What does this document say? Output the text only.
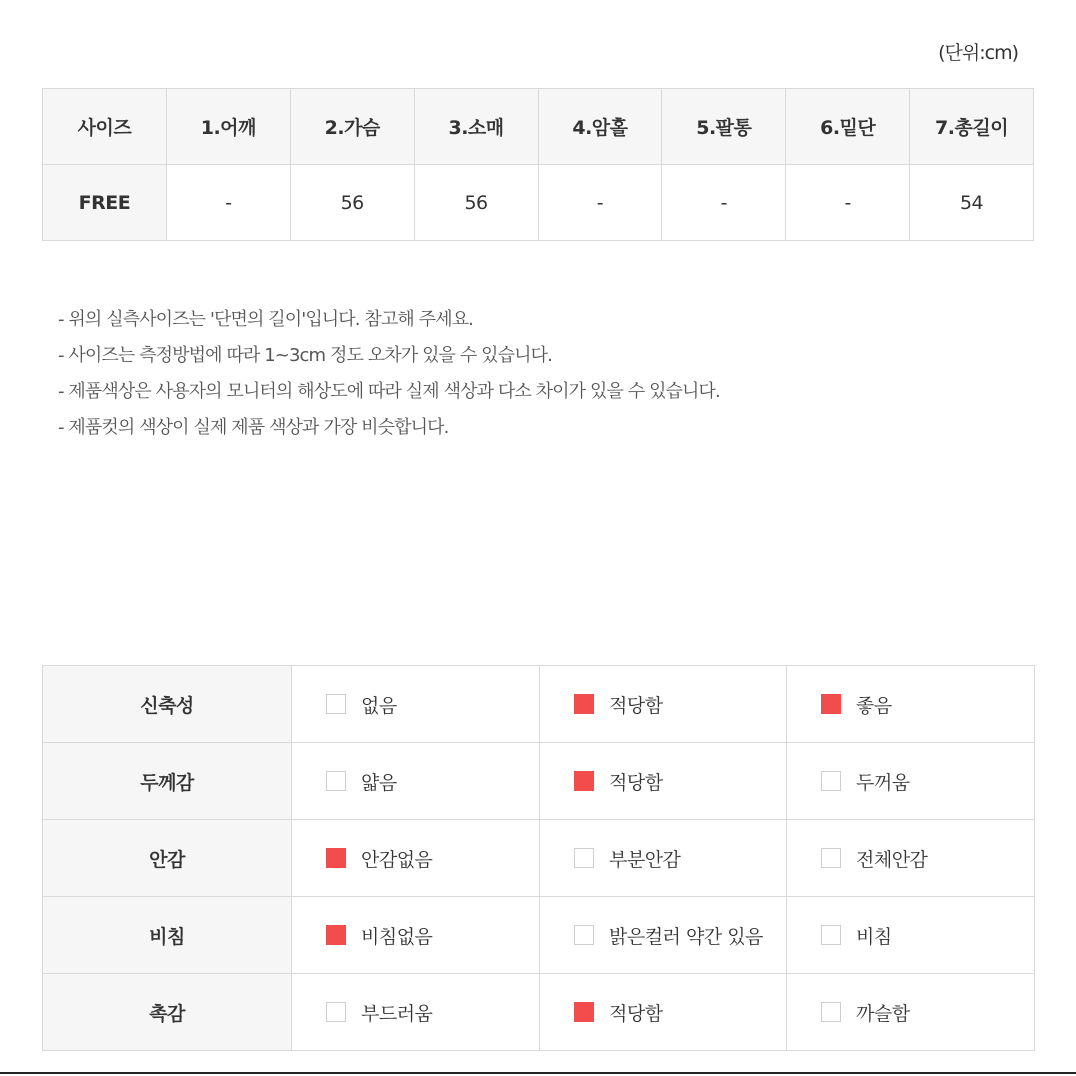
(단위:cm)
사이즈	1.어깨	2.가슴	3.소매	4.암홀	5.팔통	6.밑단	7.총길이
FREE	-	56	56	-	-	-	54
- 위의 실측사이즈는 '단면의 길이'입니다. 참고해 주세요.
- 사이즈는 측정방법에 따라 1~3cm 정도 오차가 있을 수 있습니다.
- 제품색상은 사용자의 모니터의 해상도에 따라 실제 색상과 다소 차이가 있을 수 있습니다.
- 제품컷의 색상이 실제 제품 색상과 가장 비슷합니다.
신축성	없음	적당함	좋음

두께감	얇음	적당함	두꺼움

안감	안감없음	부분안감	전체안감

비침	비침없음	밝은컬러 약간 있음	비침

촉감	부드러움	적당함	까슬함
